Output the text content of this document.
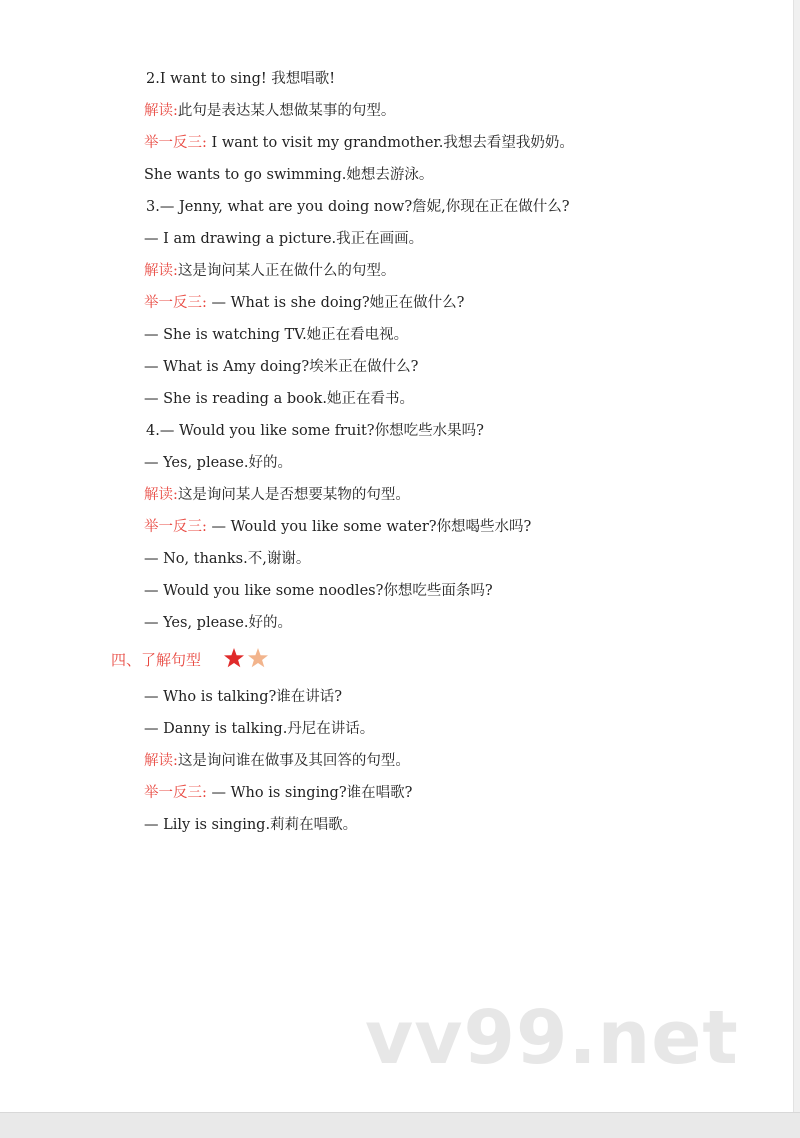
2.I want to sing! 我想唱歌!
解读:此句是表达某人想做某事的句型。
举一反三: I want to visit my grandmother.我想去看望我奶奶。
She wants to go swimming.她想去游泳。
3.— Jenny, what are you doing now?詹妮,你现在正在做什么?
— I am drawing a picture.我正在画画。
解读:这是询问某人正在做什么的句型。
举一反三: — What is she doing?她正在做什么?
— She is watching TV.她正在看电视。
— What is Amy doing?埃米正在做什么?
— She is reading a book.她正在看书。
4.— Would you like some fruit?你想吃些水果吗?
— Yes, please.好的。
解读:这是询问某人是否想要某物的句型。
举一反三: — Would you like some water?你想喝些水吗?
— No, thanks.不,谢谢。
— Would you like some noodles?你想吃些面条吗?
— Yes, please.好的。
四、了解句型
— Who is talking?谁在讲话?
— Danny is talking.丹尼在讲话。
解读:这是询问谁在做事及其回答的句型。
举一反三: — Who is singing?谁在唱歌?
— Lily is singing.莉莉在唱歌。
vv99.net
